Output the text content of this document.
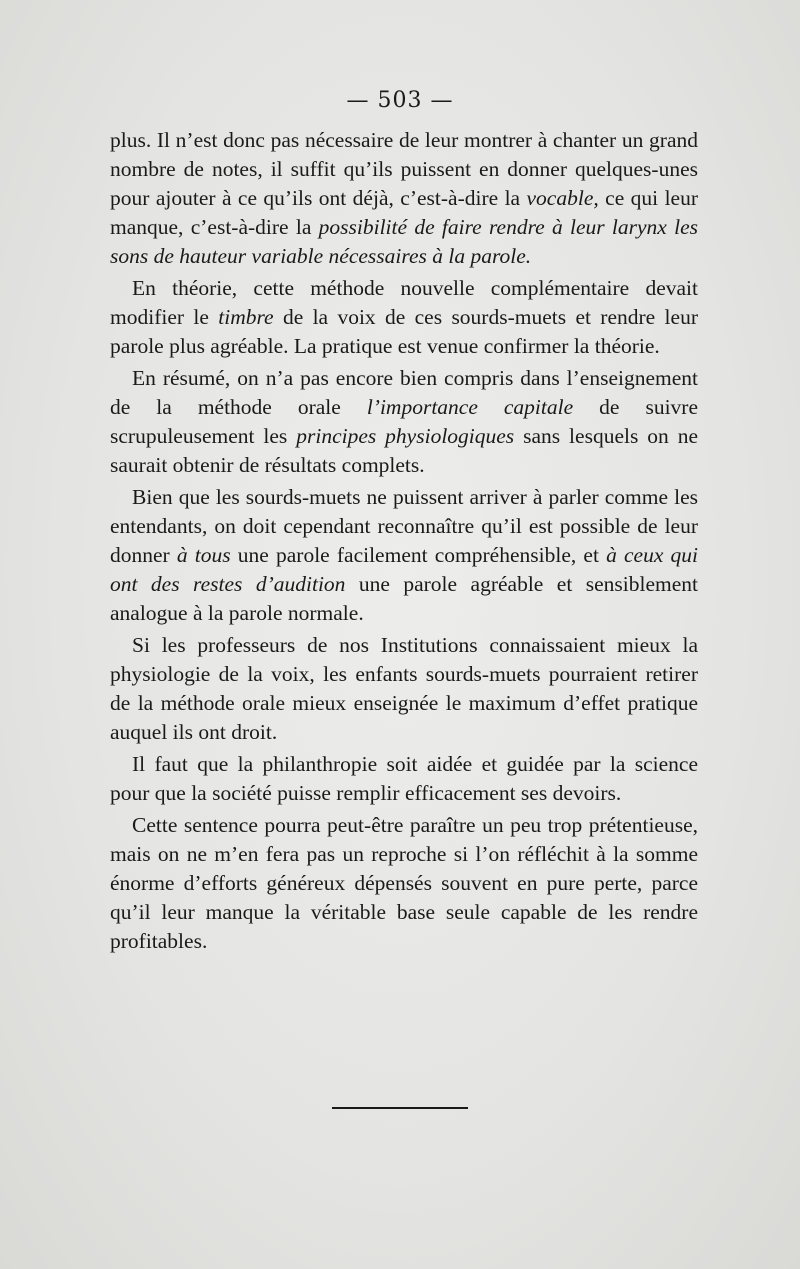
— 503 —

plus. Il n’est donc pas nécessaire de leur montrer à chanter un grand nombre de notes, il suffit qu’ils puissent en donner quelques-unes pour ajouter à ce qu’ils ont déjà, c’est-à-dire la vocable, ce qui leur manque, c’est-à-dire la possibilité de faire rendre à leur larynx les sons de hauteur variable nécessaires à la parole.

En théorie, cette méthode nouvelle complémentaire devait modifier le timbre de la voix de ces sourds-muets et rendre leur parole plus agréable. La pratique est venue confirmer la théorie.

En résumé, on n’a pas encore bien compris dans l’enseignement de la méthode orale l’importance capitale de suivre scrupuleusement les principes physiologiques sans lesquels on ne saurait obtenir de résultats complets.

Bien que les sourds-muets ne puissent arriver à parler comme les entendants, on doit cependant reconnaître qu’il est possible de leur donner à tous une parole facilement compréhensible, et à ceux qui ont des restes d’audition une parole agréable et sensiblement analogue à la parole normale.

Si les professeurs de nos Institutions connaissaient mieux la physiologie de la voix, les enfants sourds-muets pourraient retirer de la méthode orale mieux enseignée le maximum d’effet pratique auquel ils ont droit.

Il faut que la philanthropie soit aidée et guidée par la science pour que la société puisse remplir efficacement ses devoirs.

Cette sentence pourra peut-être paraître un peu trop prétentieuse, mais on ne m’en fera pas un reproche si l’on réfléchit à la somme énorme d’efforts généreux dépensés souvent en pure perte, parce qu’il leur manque la véritable base seule capable de les rendre profitables.
